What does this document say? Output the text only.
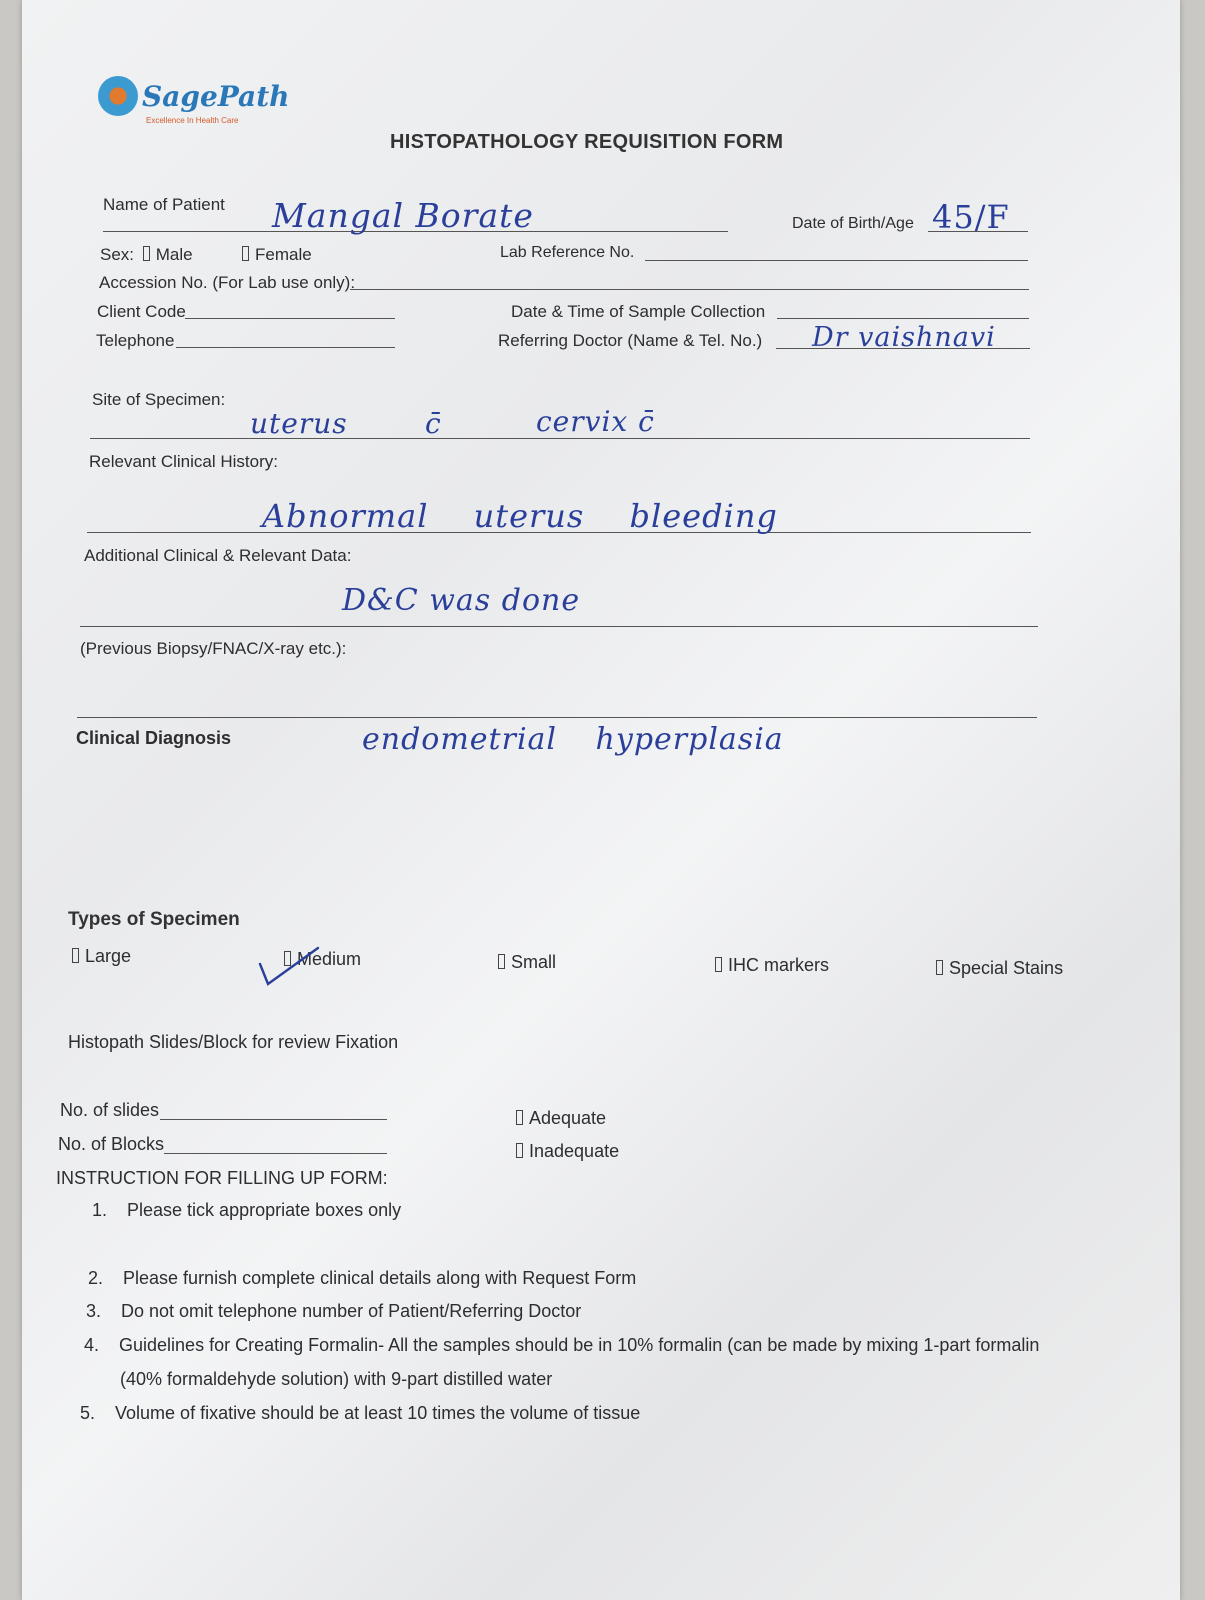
SagePath
Excellence In Health Care
HISTOPATHOLOGY REQUISITION FORM
Name of Patient Mangal Borate	Date of Birth/Age 45/F
Sex: Male	Female	Lab Reference No.
Accession No. (For Lab use only):
Client Code	Date & Time of Sample Collection
Telephone	Referring Doctor (Name & Tel. No.) Dr vaishnavi
Site of Specimen:
uterus	c̄	cervix c̄
Relevant Clinical History:
Abnormal uterus bleeding
Additional Clinical & Relevant Data:
D&C was done
(Previous Biopsy/FNAC/X-ray etc.):
Clinical Diagnosis	endometrial hyperplasia
Types of Specimen
Large	Medium	Small	IHC markers	Special Stains
Histopath Slides/Block for review Fixation
No. of slides
No. of Blocks
Adequate
Inadequate
INSTRUCTION FOR FILLING UP FORM:
1. Please tick appropriate boxes only
2. Please furnish complete clinical details along with Request Form
3. Do not omit telephone number of Patient/Referring Doctor
4. Guidelines for Creating Formalin- All the samples should be in 10% formalin (can be made by mixing 1-part formalin
(40% formaldehyde solution) with 9-part distilled water
5. Volume of fixative should be at least 10 times the volume of tissue
